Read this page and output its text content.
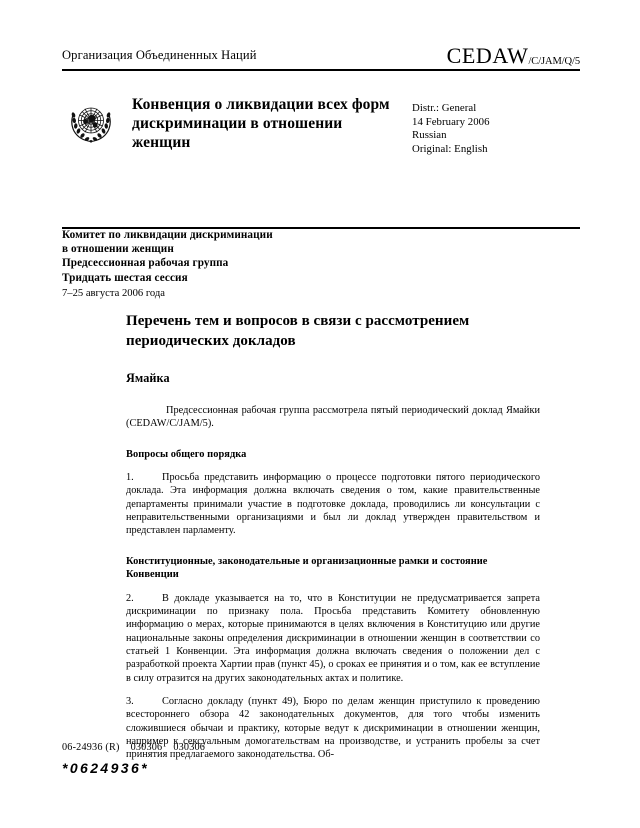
Организация Объединенных Наций	CEDAW/C/JAM/Q/5
Конвенция о ликвидации всех форм дискриминации в отношении женщин
Distr.: General
14 February 2006
Russian
Original: English
Комитет по ликвидации дискриминации
в отношении женщин
Предсессионная рабочая группа
Тридцать шестая сессия
7–25 августа 2006 года
Перечень тем и вопросов в связи с рассмотрением периодических докладов
Ямайка
Предсессионная рабочая группа рассмотрела пятый периодический доклад Ямайки (CEDAW/C/JAM/5).
Вопросы общего порядка
1.	Просьба представить информацию о процессе подготовки пятого периодического доклада. Эта информация должна включать сведения о том, какие правительственные департаменты принимали участие в подготовке доклада, проводились ли консультации с неправительственными организациями и был ли доклад утвержден правительством и представлен парламенту.
Конституционные, законодательные и организационные рамки и состояние Конвенции
2.	В докладе указывается на то, что в Конституции не предусматривается запрета дискриминации по признаку пола. Просьба представить Комитету обновленную информацию о мерах, которые принимаются в целях включения в Конституцию или другие национальные законы определения дискриминации в отношении женщин в соответствии со статьей 1 Конвенции. Эта информация должна включать сведения о положении дел с разработкой проекта Хартии прав (пункт 45), о сроках ее принятия и о том, как ее вступление в силу отразится на других законодательных актах и политике.
3.	Согласно докладу (пункт 49), Бюро по делам женщин приступило к проведению всестороннего обзора 42 законодательных документов, для того чтобы изменить сложившиеся обычаи и практику, которые ведут к дискриминации в отношении женщин, например к сексуальным домогательствам на производстве, и устранить пробелы за счет принятия предлагаемого законодательства. Об-
06-24936 (R)    030306    030306
*0624936*
